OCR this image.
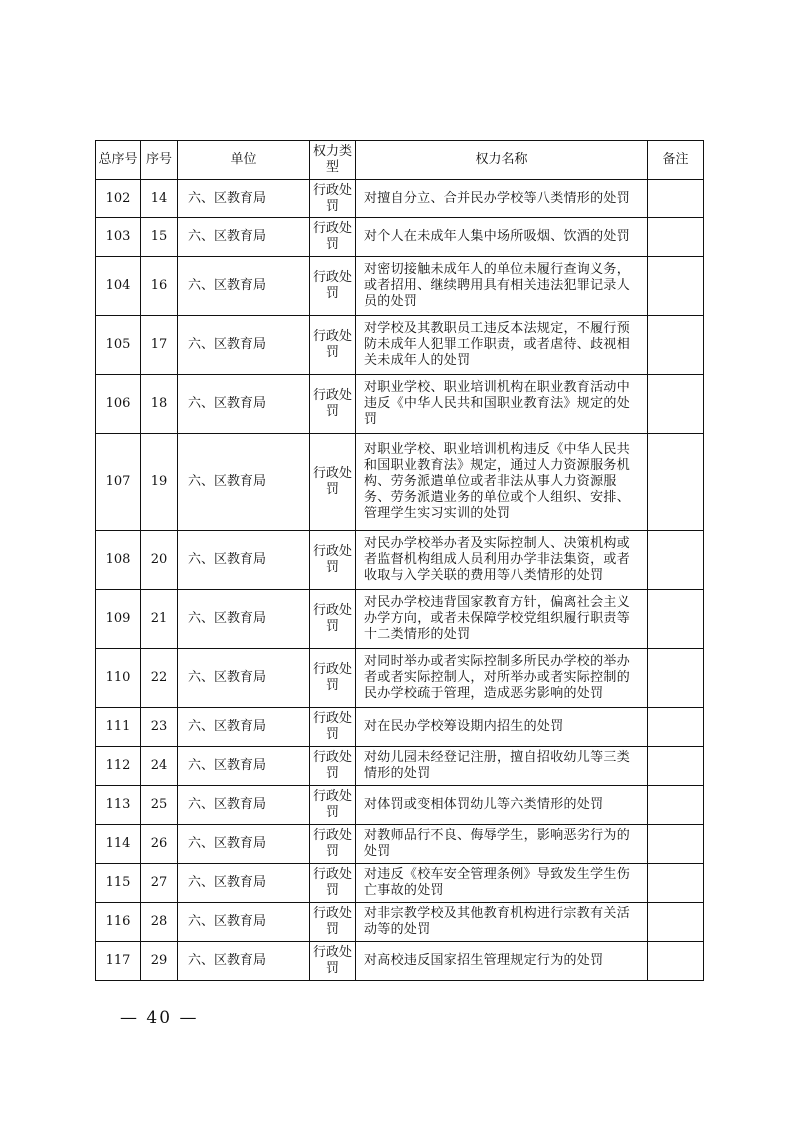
总序号	序号	单位	权力类型	权力名称	备注
102	14	六、区教育局	行政处罚	对擅自分立、合并民办学校等八类情形的处罚	
103	15	六、区教育局	行政处罚	对个人在未成年人集中场所吸烟、饮酒的处罚	
104	16	六、区教育局	行政处罚	对密切接触未成年人的单位未履行查询义务，或者招用、继续聘用具有相关违法犯罪记录人员的处罚	
105	17	六、区教育局	行政处罚	对学校及其教职员工违反本法规定，不履行预防未成年人犯罪工作职责，或者虐待、歧视相关未成年人的处罚	
106	18	六、区教育局	行政处罚	对职业学校、职业培训机构在职业教育活动中违反《中华人民共和国职业教育法》规定的处罚	
107	19	六、区教育局	行政处罚	对职业学校、职业培训机构违反《中华人民共和国职业教育法》规定，通过人力资源服务机构、劳务派遣单位或者非法从事人力资源服务、劳务派遣业务的单位或个人组织、安排、管理学生实习实训的处罚	
108	20	六、区教育局	行政处罚	对民办学校举办者及实际控制人、决策机构或者监督机构组成人员利用办学非法集资，或者收取与入学关联的费用等八类情形的处罚	
109	21	六、区教育局	行政处罚	对民办学校违背国家教育方针，偏离社会主义办学方向，或者未保障学校党组织履行职责等十二类情形的处罚	
110	22	六、区教育局	行政处罚	对同时举办或者实际控制多所民办学校的举办者或者实际控制人，对所举办或者实际控制的民办学校疏于管理，造成恶劣影响的处罚	
111	23	六、区教育局	行政处罚	对在民办学校筹设期内招生的处罚	
112	24	六、区教育局	行政处罚	对幼儿园未经登记注册，擅自招收幼儿等三类情形的处罚	
113	25	六、区教育局	行政处罚	对体罚或变相体罚幼儿等六类情形的处罚	
114	26	六、区教育局	行政处罚	对教师品行不良、侮辱学生，影响恶劣行为的处罚	
115	27	六、区教育局	行政处罚	对违反《校车安全管理条例》导致发生学生伤亡事故的处罚	
116	28	六、区教育局	行政处罚	对非宗教学校及其他教育机构进行宗教有关活动等的处罚	
117	29	六、区教育局	行政处罚	对高校违反国家招生管理规定行为的处罚	
— 40 —
